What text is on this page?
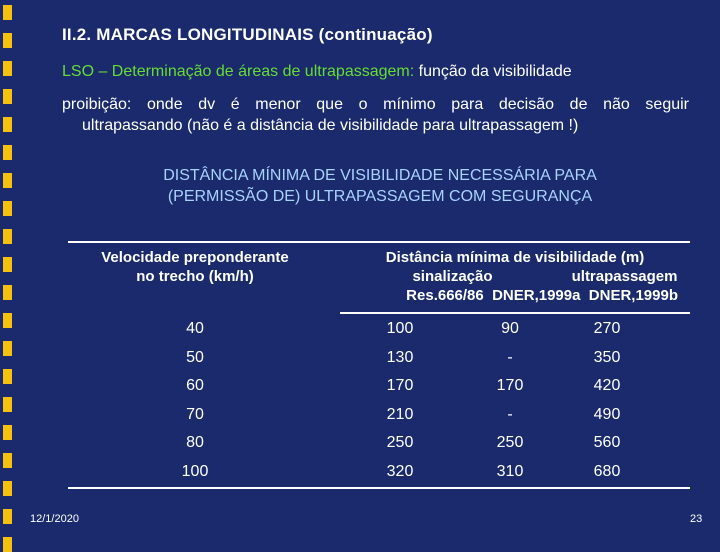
II.2. MARCAS LONGITUDINAIS (continuação)
LSO – Determinação de áreas de ultrapassagem: função da visibilidade
proibição: onde dv é menor que o mínimo para decisão de não seguir
ultrapassando (não é a distância de visibilidade para ultrapassagem !)
DISTÂNCIA MÍNIMA DE VISIBILIDADE NECESSÁRIA PARA
(PERMISSÃO DE) ULTRAPASSAGEM COM SEGURANÇA
Velocidade preponderante
no trecho (km/h)
Distância mínima de visibilidade (m)
sinalização	ultrapassagem
Res.666/86  DNER,1999a  DNER,1999b
40	100	90	270
50	130	-	350
60	170	170	420
70	210	-	490
80	250	250	560
100	320	310	680
12/1/2020	23
